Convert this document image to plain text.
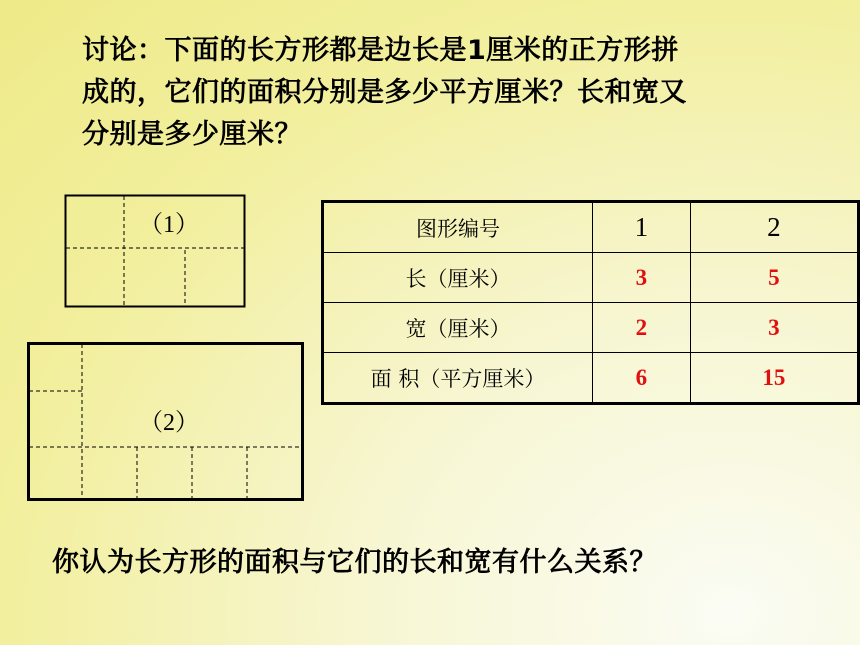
讨论：下面的长方形都是边长是1厘米的正方形拼

成的，它们的面积分别是多少平方厘米？长和宽又

分别是多少厘米？

（1）
（2）
图形编号	1	2
长（厘米）	3	5
宽（厘米）	2	3
面 积（平方厘米）	6	15
你认为长方形的面积与它们的长和宽有什么关系？
